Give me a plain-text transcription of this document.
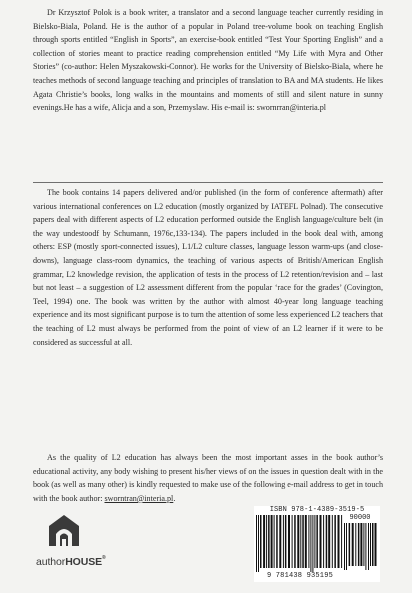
Dr Krzysztof Polok is a book writer, a translator and a second language teacher currently residing in Bielsko-Biala, Poland. He is the author of a popular in Poland tree-volume book on teaching English through sports entitled “English in Sports”, an exercise-book entitled “Test Your Sporting English” and a collection of stories meant to practice reading comprehension entitled “My Life with Myra and Other Stories” (co-author: Helen Myszakowski-Connor). He works for the University of Bielsko-Biala, where he teaches methods of second language teaching and principles of translation to BA and MA students. He likes Agata Christie’s books, long walks in the mountains and moments of still and silent nature in sunny evenings.He has a wife, Alicja and a son, Przemyslaw. His e-mail is: swornrran@interia.pl

The book contains 14 papers delivered and/or published (in the form of conference aftermath) after various international conferences on L2 education (mostly organized by IATEFL Polnad). The consecutive papers deal with different aspects of L2 education performed outside the English language/culture belt (in the way undestoodf by Schumann, 1976c,133-134). The papers included in the book deal with, among others: ESP (mostly sport-connected issues), L1/L2 culture classes, language lesson warm-ups (and close-downs), language class-room dynamics, the teaching of various aspects of British/American English grammar, L2 knowledge revision, the application of tests in the process of L2 retention/revision and – last but not least – a suggestion of L2 assessment different from the popular ‘race for the grades’ (Covington, Teel, 1994) one. The book was written by the author with almost 40-year long language teaching experience and its most significant purpose is to turn the attention of some less experienced L2 teachers that the teaching of L2 must always be performed from the point of view of an L2 learner if it were to be considered as successful at all.

As the quality of L2 education has always been the most important asses in the book author’s educational activity, any body wishing to present his/her views of on the issues in question dealt with in the book (as well as many other) is kindly requested to make use of the following e-mail address to get in touch with the book author: sworntran@interia.pl.

authorHOUSE®
ISBN 978-1-4389-3519-5
90000
9 781438 935195
